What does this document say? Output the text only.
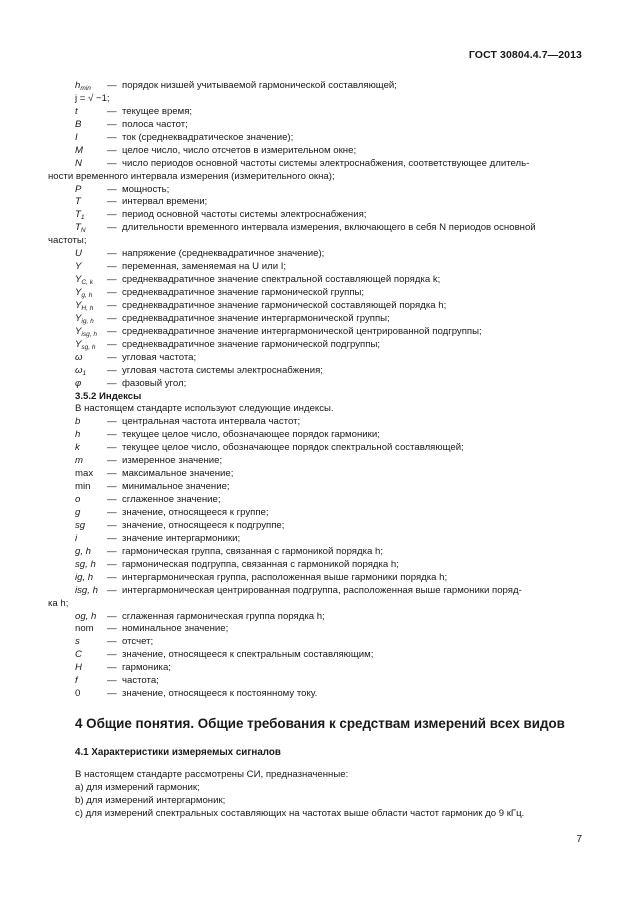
ГОСТ 30804.4.7—2013
$h_{min}$ — порядок низшей учитываемой гармонической составляющей;
j = √ −1;
t	— текущее время;
B	— полоса частот;
I	— ток (среднеквадратическое значение);
M	— целое число, число отсчетов в измерительном окне;
N	— число периодов основной частоты системы электроснабжения, соответствующее длитель-
ности временного интервала измерения (измерительного окна);
P	— мощность;
T	— интервал времени;
$T_1$ — период основной частоты системы электроснабжения;
$T_N$ — длительности временного интервала измерения, включающего в себя N периодов основной
частоты;
U	— напряжение (среднеквадратичное значение);
Y	— переменная, заменяемая на U или I;
$Y_{C, k}$ — среднеквадратичное значение спектральной составляющей порядка k;
$Y_{g, h}$ — среднеквадратичное значение гармонической группы;
$Y_{H, h}$ — среднеквадратичное значение гармонической составляющей порядка h;
$Y_{ig, h}$ — среднеквадратичное значение интергармонической группы;
$Y_{isg, h}$ — среднеквадратичное значение интергармонической центрированной подгруппы;
$Y_{sg, h}$ — среднеквадратичное значение гармонической подгруппы;
ω	— угловая частота;
$\omega_1$ — угловая частота системы электроснабжения;
φ	— фазовый угол;
3.5.2 Индексы
В настоящем стандарте используют следующие индексы.
b	— центральная частота интервала частот;
h	— текущее целое число, обозначающее порядок гармоники;
k	— текущее целое число, обозначающее порядок спектральной составляющей;
m	— измеренное значение;
max — максимальное значение;
min — минимальное значение;
o	— сглаженное значение;
g	— значение, относящееся к группе;
sg — значение, относящееся к подгруппе;
i	— значение интергармоники;
g, h — гармоническая группа, связанная с гармоникой порядка h;
sg, h — гармоническая подгруппа, связанная с гармоникой порядка h;
ig, h — интергармоническая группа, расположенная выше гармоники порядка h;
isg, h — интергармоническая центрированная подгруппа, расположенная выше гармоники поряд-
ка h;
og, h — сглаженная гармоническая группа порядка h;
nom — номинальное значение;
s	— отсчет;
C	— значение, относящееся к спектральным составляющим;
H	— гармоника;
f	— частота;
0	— значение, относящееся к постоянному току.
4 Общие понятия. Общие требования к средствам измерений всех видов
4.1 Характеристики измеряемых сигналов
В настоящем стандарте рассмотрены СИ, предназначенные:
а) для измерений гармоник;
b) для измерений интергармоник;
с) для измерений спектральных составляющих на частотах выше области частот гармоник до 9 кГц.
7
